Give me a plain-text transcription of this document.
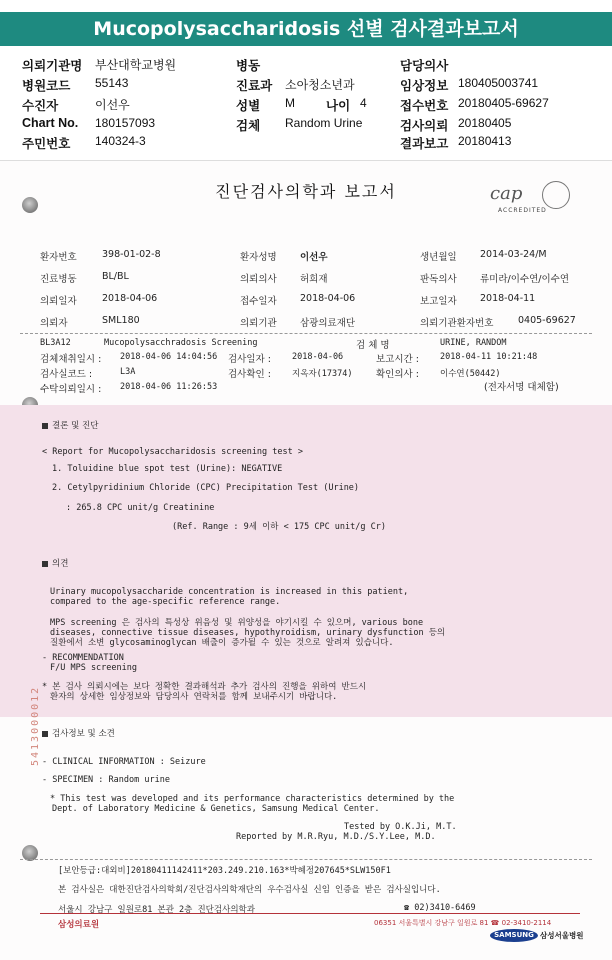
Mucopolysaccharidosis 선별 검사결과보고서
의뢰기관명 부산대학교병원
병원코드 55143
수진자	이선우
Chart No. 180157093
주민번호 140324-3
병동
진료과 소아청소년과
성별 M 나이 4
검체 Random Urine
담당의사
임상정보 180405003741
접수번호 20180405-69627
검사의뢰 20180405
결과보고 20180413
진단검사의학과 보고서	cap
ACCREDITED
환자번호	398-01-02-8	환자성명 이선우	생년월일 2014-03-24/M
진료병동	BL/BL	의뢰의사 허희재	판독의사 류미라/이수연/이수연
의뢰일자	2018-04-06	접수일자 2018-04-06	보고일자 2018-04-11
의뢰자	SML180	의뢰기관 삼광의료재단	의뢰기관환자번호	0405-69627
BL3A12	Mucopolysacchradosis Screening	검 체 명	URINE, RANDOM
검체채취일시 : 2018-04-06 14:04:56 검사일자 : 2018-04-06	보고시간 : 2018-04-11 10:21:48
검사실코드 :	L3A	검사확인 : 지옥자(17374) 확인의사 : 이수연(50442)
수탁의뢰일시 : 2018-04-06 11:26:53	(전자서명 대체함)
결론 및 진단
< Report for Mucopolysaccharidosis screening test >
1. Toluidine blue spot test (Urine): NEGATIVE
2. Cetylpyridinium Chloride (CPC) Precipitation Test (Urine)
: 265.8 CPC unit/g Creatinine
(Ref. Range : 9세 이하 < 175 CPC unit/g Cr)
의견
Urinary mucopolysaccharide concentration is increased in this patient,
compared to the age-specific reference range.
MPS screening 은 검사의 특성상 위음성 및 위양성을 야기시킬 수 있으며, various bone
diseases, connective tissue diseases, hypothyroidism, urinary dysfunction 등의
질환에서 소변 glycosaminoglycan 배출이 증가될 수 있는 것으로 알려져 있습니다.
- RECOMMENDATION
F/U MPS screening
* 본 검사 의뢰시에는 보다 정확한 결과해석과 추가 검사의 진행을 위하여 반드시
환자의 상세한 임상정보와 담당의사 연락처를 함께 보내주시기 바랍니다.
검사정보 및 소견
- CLINICAL INFORMATION : Seizure
- SPECIMEN : Random urine
* This test was developed and its performance characteristics determined by the
Dept. of Laboratory Medicine & Genetics, Samsung Medical Center.
Tested by O.K.Ji, M.T.
Reported by M.R.Ryu, M.D./S.Y.Lee, M.D.
5413000012
[보안등급:대외비]20180411142411*203.249.210.163*박혜정207645*SLW150F1
본 검사실은 대한진단검사의학회/진단검사의학재단의 우수검사실 신임 인증을 받은 검사실입니다.
서울시 강남구 일원로81 본관 2층 진단검사의학과	☎ 02)3410-6469
삼성의료원	06351 서울특별시 강남구 일원로 81 ☎ 02-3410-2114
SAMSUNG 삼성서울병원
